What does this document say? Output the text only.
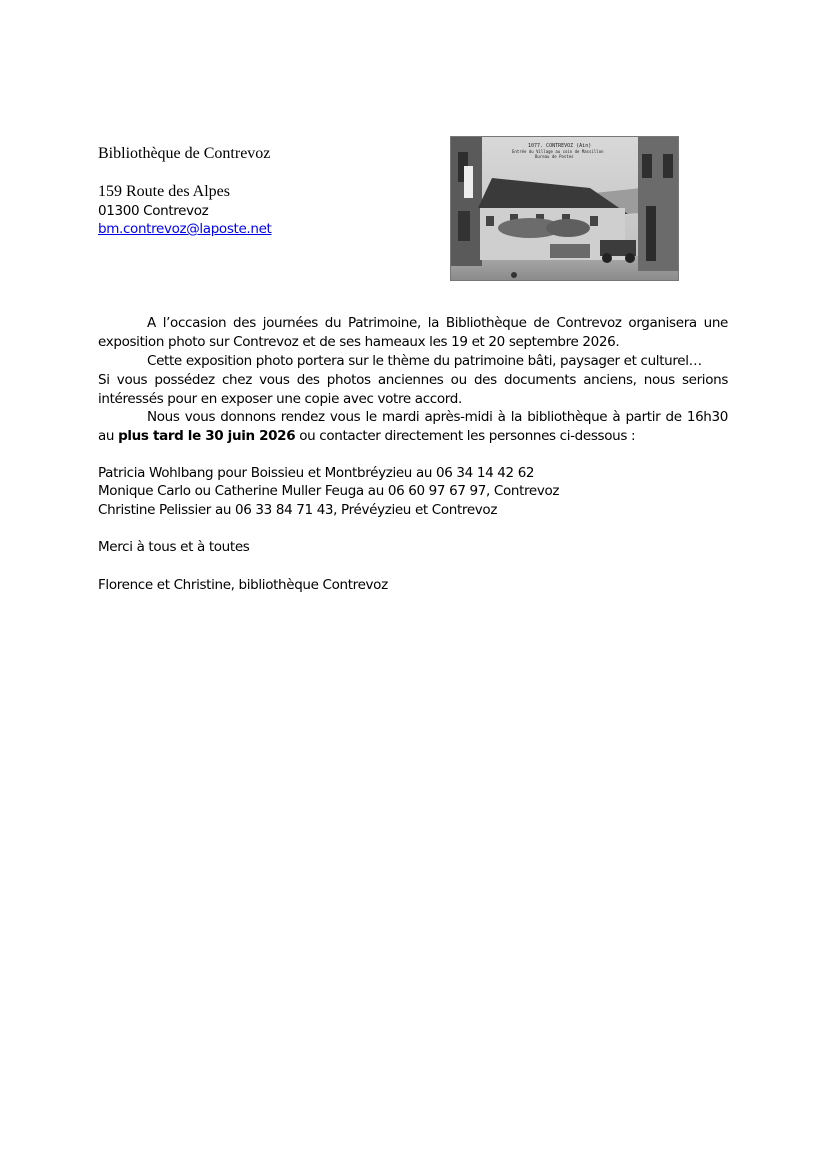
Bibliothèque de Contrevoz
159 Route des Alpes
01300 Contrevoz
bm.contrevoz@laposte.net
1077. CONTREVOZ (Ain)
Entrée du Village au coin de Massillon
Bureau de Postes
A l’occasion des journées du Patrimoine, la Bibliothèque de Contrevoz organisera une exposition photo sur Contrevoz et de ses hameaux les 19 et 20 septembre 2026.
Cette exposition photo portera sur le thème du patrimoine bâti, paysager et culturel…
Si vous possédez chez vous des photos anciennes ou des documents anciens, nous serions intéressés pour en exposer une copie avec votre accord.
Nous vous donnons rendez vous le mardi après-midi à la bibliothèque à partir de 16h30 au plus tard le 30 juin 2026 ou contacter directement les personnes ci-dessous :
Patricia Wohlbang pour Boissieu et Montbréyzieu au 06 34 14 42 62
Monique Carlo ou Catherine Muller Feuga au 06 60 97 67 97, Contrevoz
Christine Pelissier au 06 33 84 71 43, Prévéyzieu et Contrevoz
Merci à tous et à toutes
Florence et Christine, bibliothèque Contrevoz
